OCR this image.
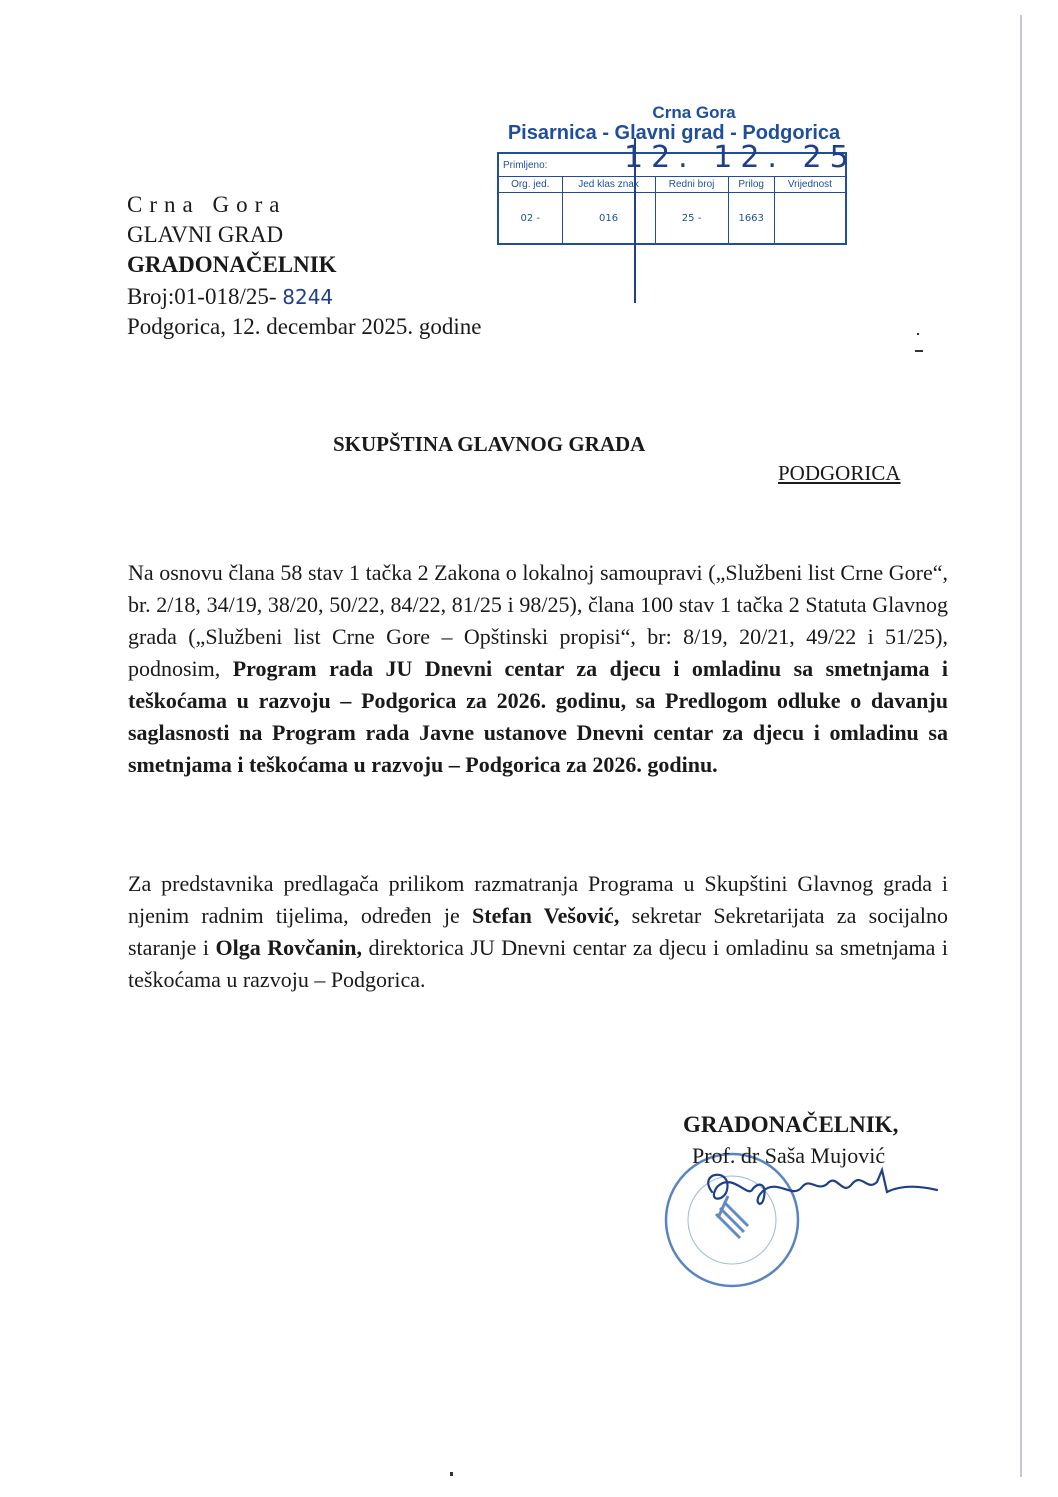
Crna Gora
Pisarnica - Glavni grad - Podgorica
Primljeno:				
Org. jed.	Jed klas znak	Redni broj	Prilog	Vrijednost
02 -	016	25 -	1663	
12. 12. 25
Crna Gora
GLAVNI GRAD
GRADONAČELNIK
Broj:01-018/25- 8244
Podgorica, 12. decembar 2025. godine
SKUPŠTINA GLAVNOG GRADA
PODGORICA
Na osnovu člana 58 stav 1 tačka 2 Zakona o lokalnoj samoupravi („Službeni list Crne Gore“, br. 2/18, 34/19, 38/20, 50/22, 84/22, 81/25 i 98/25), člana 100 stav 1 tačka 2 Statuta Glavnog grada („Službeni list Crne Gore – Opštinski propisi“, br: 8/19, 20/21, 49/22 i 51/25), podnosim, Program rada JU Dnevni centar za djecu i omladinu sa smetnjama i teškoćama u razvoju – Podgorica za 2026. godinu, sa Predlogom odluke o davanju saglasnosti na Program rada Javne ustanove Dnevni centar za djecu i omladinu sa smetnjama i teškoćama u razvoju – Podgorica za 2026. godinu.
Za predstavnika predlagača prilikom razmatranja Programa u Skupštini Glavnog grada i njenim radnim tijelima, određen je Stefan Vešović, sekretar Sekretarijata za socijalno staranje i Olga Rovčanin, direktorica JU Dnevni centar za djecu i omladinu sa smetnjama i teškoćama u razvoju – Podgorica.
GRADONAČELNIK,
Prof. dr Saša Mujović
